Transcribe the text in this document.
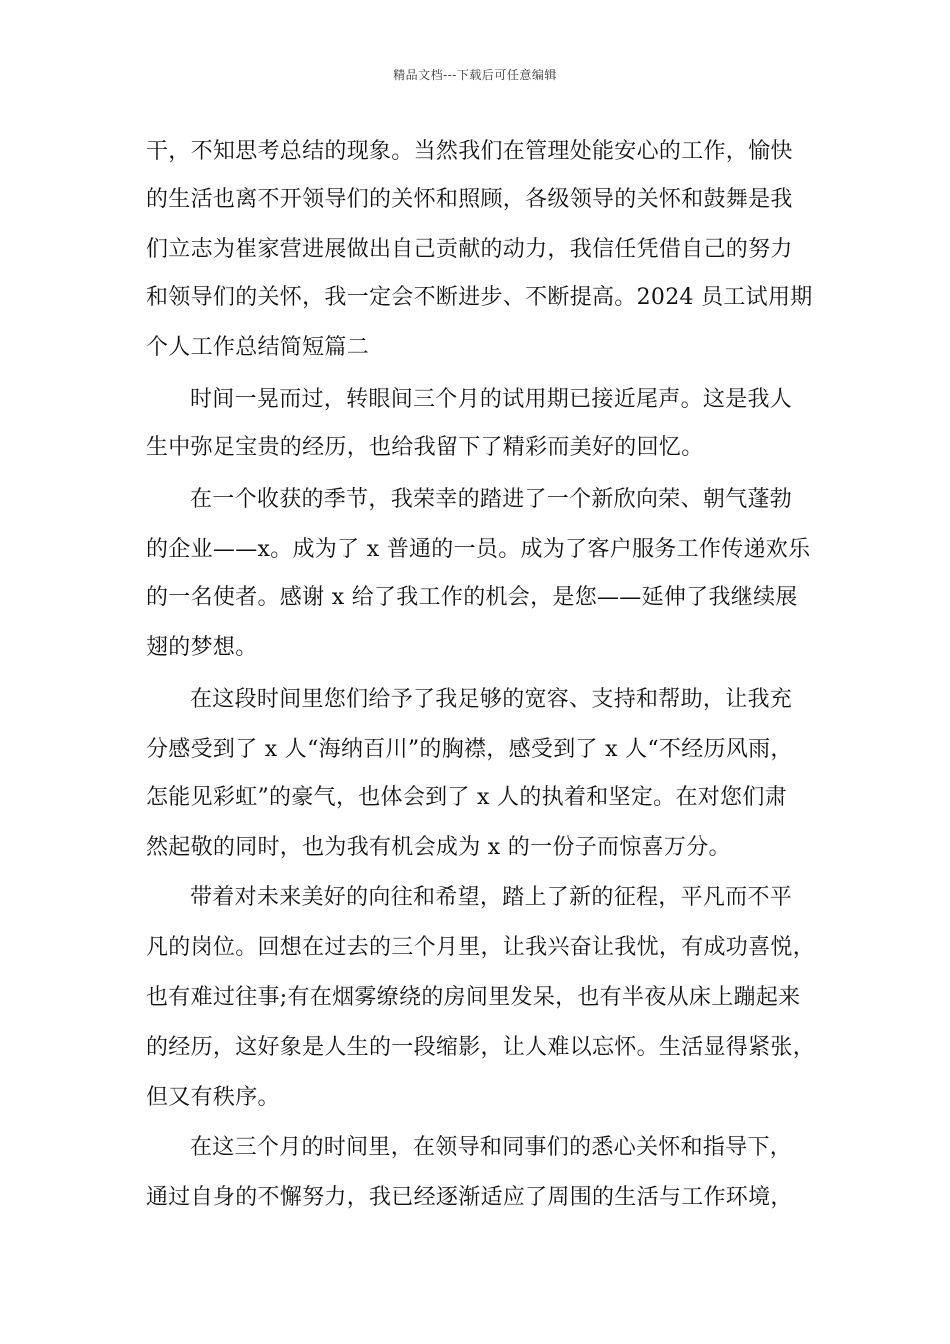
精品文档---下载后可任意编辑
干，不知思考总结的现象。当然我们在管理处能安心的工作，愉快
的生活也离不开领导们的关怀和照顾，各级领导的关怀和鼓舞是我
们立志为崔家营进展做出自己贡献的动力，我信任凭借自己的努力
和领导们的关怀，我一定会不断进步、不断提高。2024 员工试用期
个人工作总结简短篇二
时间一晃而过，转眼间三个月的试用期已接近尾声。这是我人
生中弥足宝贵的经历，也给我留下了精彩而美好的回忆。
在一个收获的季节，我荣幸的踏进了一个新欣向荣、朝气蓬勃
的企业——x。成为了 x 普通的一员。成为了客户服务工作传递欢乐
的一名使者。感谢 x 给了我工作的机会，是您——延伸了我继续展
翅的梦想。
在这段时间里您们给予了我足够的宽容、支持和帮助，让我充
分感受到了 x 人“海纳百川”的胸襟，感受到了 x 人“不经历风雨，
怎能见彩虹”的豪气，也体会到了 x 人的执着和坚定。在对您们肃
然起敬的同时，也为我有机会成为 x 的一份子而惊喜万分。
带着对未来美好的向往和希望，踏上了新的征程，平凡而不平
凡的岗位。回想在过去的三个月里，让我兴奋让我忧，有成功喜悦，
也有难过往事;有在烟雾缭绕的房间里发呆，也有半夜从床上蹦起来
的经历，这好象是人生的一段缩影，让人难以忘怀。生活显得紧张，
但又有秩序。
在这三个月的时间里，在领导和同事们的悉心关怀和指导下，
通过自身的不懈努力，我已经逐渐适应了周围的生活与工作环境，
